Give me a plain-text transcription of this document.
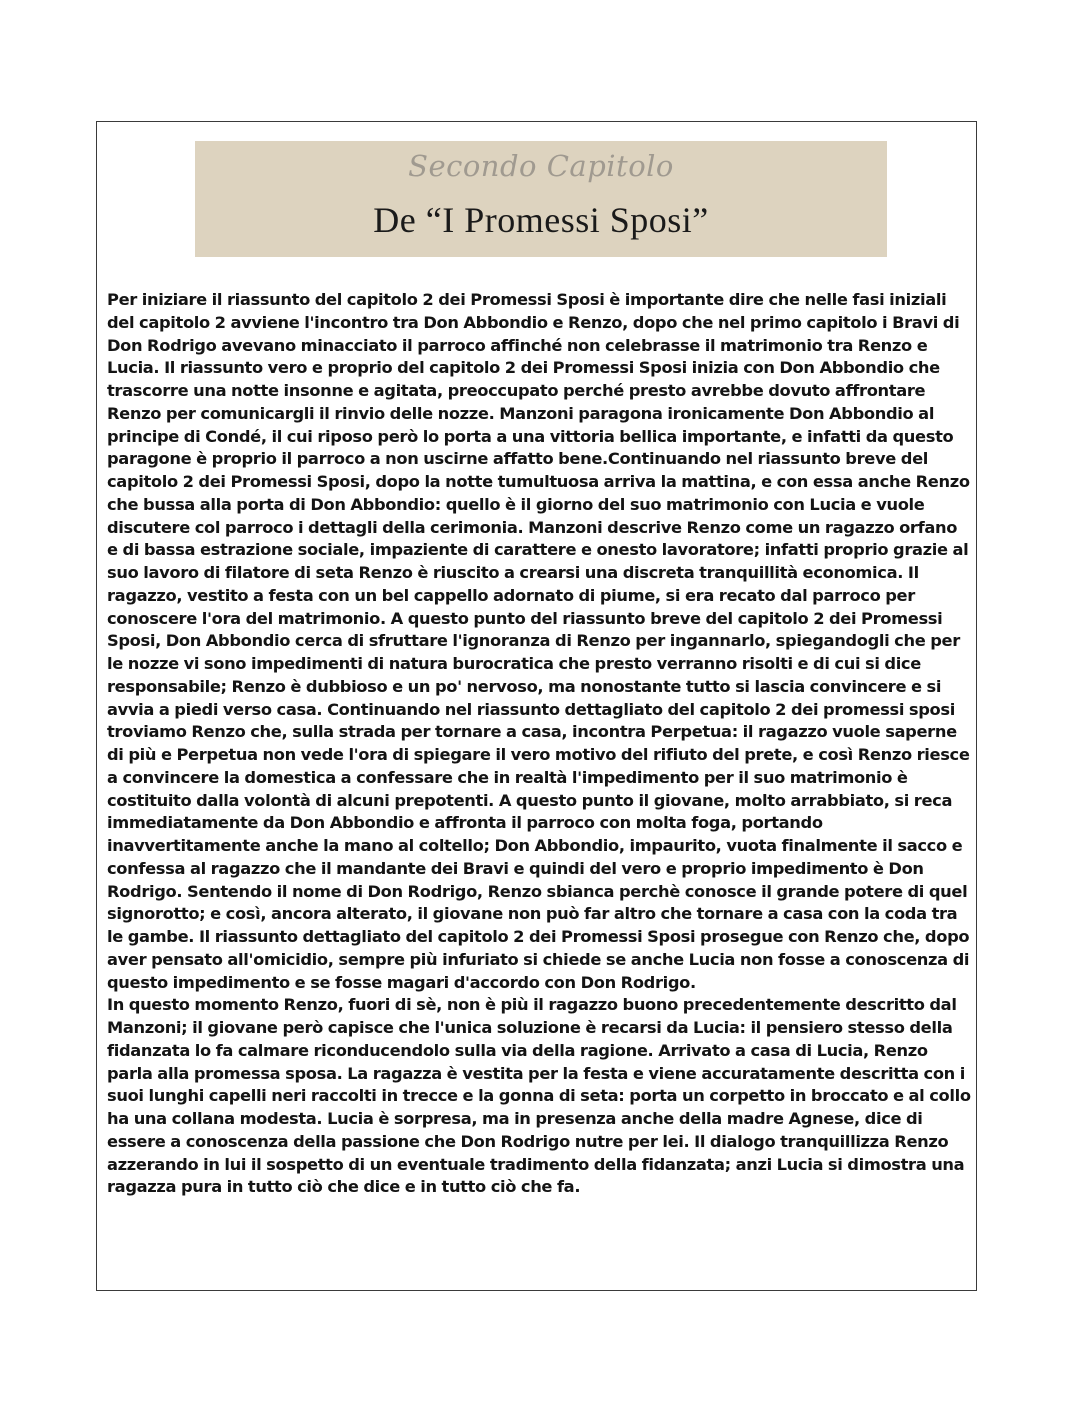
Secondo Capitolo
De “I Promessi Sposi”

Per iniziare il riassunto del capitolo 2 dei Promessi Sposi è importante dire che nelle fasi iniziali del capitolo 2 avviene l'incontro tra Don Abbondio e Renzo, dopo che nel primo capitolo i Bravi di Don Rodrigo avevano minacciato il parroco affinché non celebrasse il matrimonio tra Renzo e Lucia. Il riassunto vero e proprio del capitolo 2 dei Promessi Sposi inizia con Don Abbondio che trascorre una notte insonne e agitata, preoccupato perché presto avrebbe dovuto affrontare Renzo per comunicargli il rinvio delle nozze. Manzoni paragona ironicamente Don Abbondio al principe di Condé, il cui riposo però lo porta a una vittoria bellica importante, e infatti da questo paragone è proprio il parroco a non uscirne affatto bene.Continuando nel riassunto breve del capitolo 2 dei Promessi Sposi, dopo la notte tumultuosa arriva la mattina, e con essa anche Renzo che bussa alla porta di Don Abbondio: quello è il giorno del suo matrimonio con Lucia e vuole discutere col parroco i dettagli della cerimonia. Manzoni descrive Renzo come un ragazzo orfano e di bassa estrazione sociale, impaziente di carattere e onesto lavoratore; infatti proprio grazie al suo lavoro di filatore di seta Renzo è riuscito a crearsi una discreta tranquillità economica. Il ragazzo, vestito a festa con un bel cappello adornato di piume, si era recato dal parroco per conoscere l'ora del matrimonio. A questo punto del riassunto breve del capitolo 2 dei Promessi Sposi, Don Abbondio cerca di sfruttare l'ignoranza di Renzo per ingannarlo, spiegandogli che per le nozze vi sono impedimenti di natura burocratica che presto verranno risolti e di cui si dice responsabile; Renzo è dubbioso e un po' nervoso, ma nonostante tutto si lascia convincere e si avvia a piedi verso casa. Continuando nel riassunto dettagliato del capitolo 2 dei promessi sposi troviamo Renzo che, sulla strada per tornare a casa, incontra Perpetua: il ragazzo vuole saperne di più e Perpetua non vede l'ora di spiegare il vero motivo del rifiuto del prete, e così Renzo riesce a convincere la domestica a confessare che in realtà l'impedimento per il suo matrimonio è costituito dalla volontà di alcuni prepotenti. A questo punto il giovane, molto arrabbiato, si reca immediatamente da Don Abbondio e affronta il parroco con molta foga, portando inavvertitamente anche la mano al coltello; Don Abbondio, impaurito, vuota finalmente il sacco e confessa al ragazzo che il mandante dei Bravi e quindi del vero e proprio impedimento è Don Rodrigo. Sentendo il nome di Don Rodrigo, Renzo sbianca perchè conosce il grande potere di quel signorotto; e così, ancora alterato, il giovane non può far altro che tornare a casa con la coda tra le gambe. Il riassunto dettagliato del capitolo 2 dei Promessi Sposi prosegue con Renzo che, dopo aver pensato all'omicidio, sempre più infuriato si chiede se anche Lucia non fosse a conoscenza di questo impedimento e se fosse magari d'accordo con Don Rodrigo.

In questo momento Renzo, fuori di sè, non è più il ragazzo buono precedentemente descritto dal Manzoni; il giovane però capisce che l'unica soluzione è recarsi da Lucia: il pensiero stesso della fidanzata lo fa calmare riconducendolo sulla via della ragione. Arrivato a casa di Lucia, Renzo parla alla promessa sposa. La ragazza è vestita per la festa e viene accuratamente descritta con i suoi lunghi capelli neri raccolti in trecce e la gonna di seta: porta un corpetto in broccato e al collo ha una collana modesta. Lucia è sorpresa, ma in presenza anche della madre Agnese, dice di essere a conoscenza della passione che Don Rodrigo nutre per lei. Il dialogo tranquillizza Renzo azzerando in lui il sospetto di un eventuale tradimento della fidanzata; anzi Lucia si dimostra una ragazza pura in tutto ciò che dice e in tutto ciò che fa.
